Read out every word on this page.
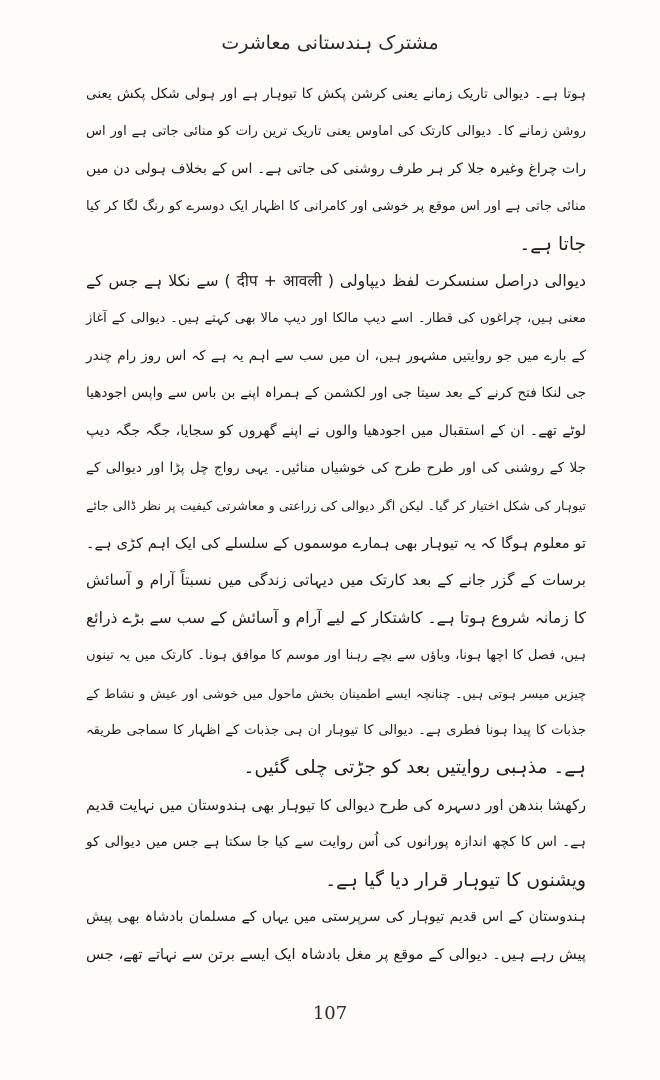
مشترک ہندستانی معاشرت

ہوتا ہے۔ دیوالی تاریک زمانے یعنی کرشن پکش کا تیوہار ہے اور ہولی شکل پکش یعنی
روشن زمانے کا۔ دیوالی کارتک کی اماوس یعنی تاریک ترین رات کو منائی جاتی ہے اور اس
رات چراغ وغیرہ جلا کر ہر طرف روشنی کی جاتی ہے۔ اس کے بخلاف ہولی دن میں
منائی جاتی ہے اور اس موقع پر خوشی اور کامرانی کا اظہار ایک دوسرے کو رنگ لگا کر کیا
جاتا ہے۔

دیوالی دراصل سنسکرت لفظ دیپاولی ( दीप + आवली ) سے نکلا ہے جس کے
معنی ہیں، چراغوں کی قطار۔ اسے دیپ مالکا اور دیپ مالا بھی کہتے ہیں۔ دیوالی کے آغاز
کے بارے میں جو روایتیں مشہور ہیں، ان میں سب سے اہم یہ ہے کہ اس روز رام چندر
جی لنکا فتح کرنے کے بعد سیتا جی اور لکشمن کے ہمراہ اپنے بن باس سے واپس اجودھیا
لوٹے تھے۔ ان کے استقبال میں اجودھیا والوں نے اپنے گھروں کو سجایا، جگہ جگہ دیپ
جلا کے روشنی کی اور طرح طرح کی خوشیاں منائیں۔ یہی رواج چل پڑا اور دیوالی کے
تیوہار کی شکل اختیار کر گیا۔ لیکن اگر دیوالی کی زراعتی و معاشرتی کیفیت پر نظر ڈالی جائے
تو معلوم ہوگا کہ یہ تیوہار بھی ہمارے موسموں کے سلسلے کی ایک اہم کڑی ہے۔
برسات کے گزر جانے کے بعد کارتک میں دیہاتی زندگی میں نسبتاً آرام و آسائش
کا زمانہ شروع ہوتا ہے۔ کاشتکار کے لیے آرام و آسائش کے سب سے بڑے ذرائع
ہیں، فصل کا اچھا ہونا، وباؤں سے بچے رہنا اور موسم کا موافق ہونا۔ کارتک میں یہ تینوں
چیزیں میسر ہوتی ہیں۔ چنانچہ ایسے اطمینان بخش ماحول میں خوشی اور عیش و نشاط کے
جذبات کا پیدا ہونا فطری ہے۔ دیوالی کا تیوہار ان ہی جذبات کے اظہار کا سماجی طریقہ
ہے۔ مذہبی روایتیں بعد کو جڑتی چلی گئیں۔

رکھشا بندھن اور دسہرہ کی طرح دیوالی کا تیوہار بھی ہندوستان میں نہایت قدیم
ہے۔ اس کا کچھ اندازہ پورانوں کی اُس روایت سے کیا جا سکتا ہے جس میں دیوالی کو
ویشنوں کا تیوہار قرار دیا گیا ہے۔

ہندوستان کے اس قدیم تیوہار کی سرپرستی میں یہاں کے مسلمان بادشاہ بھی پیش
پیش رہے ہیں۔ دیوالی کے موقع پر مغل بادشاہ ایک ایسے برتن سے نہاتے تھے، جس

107
